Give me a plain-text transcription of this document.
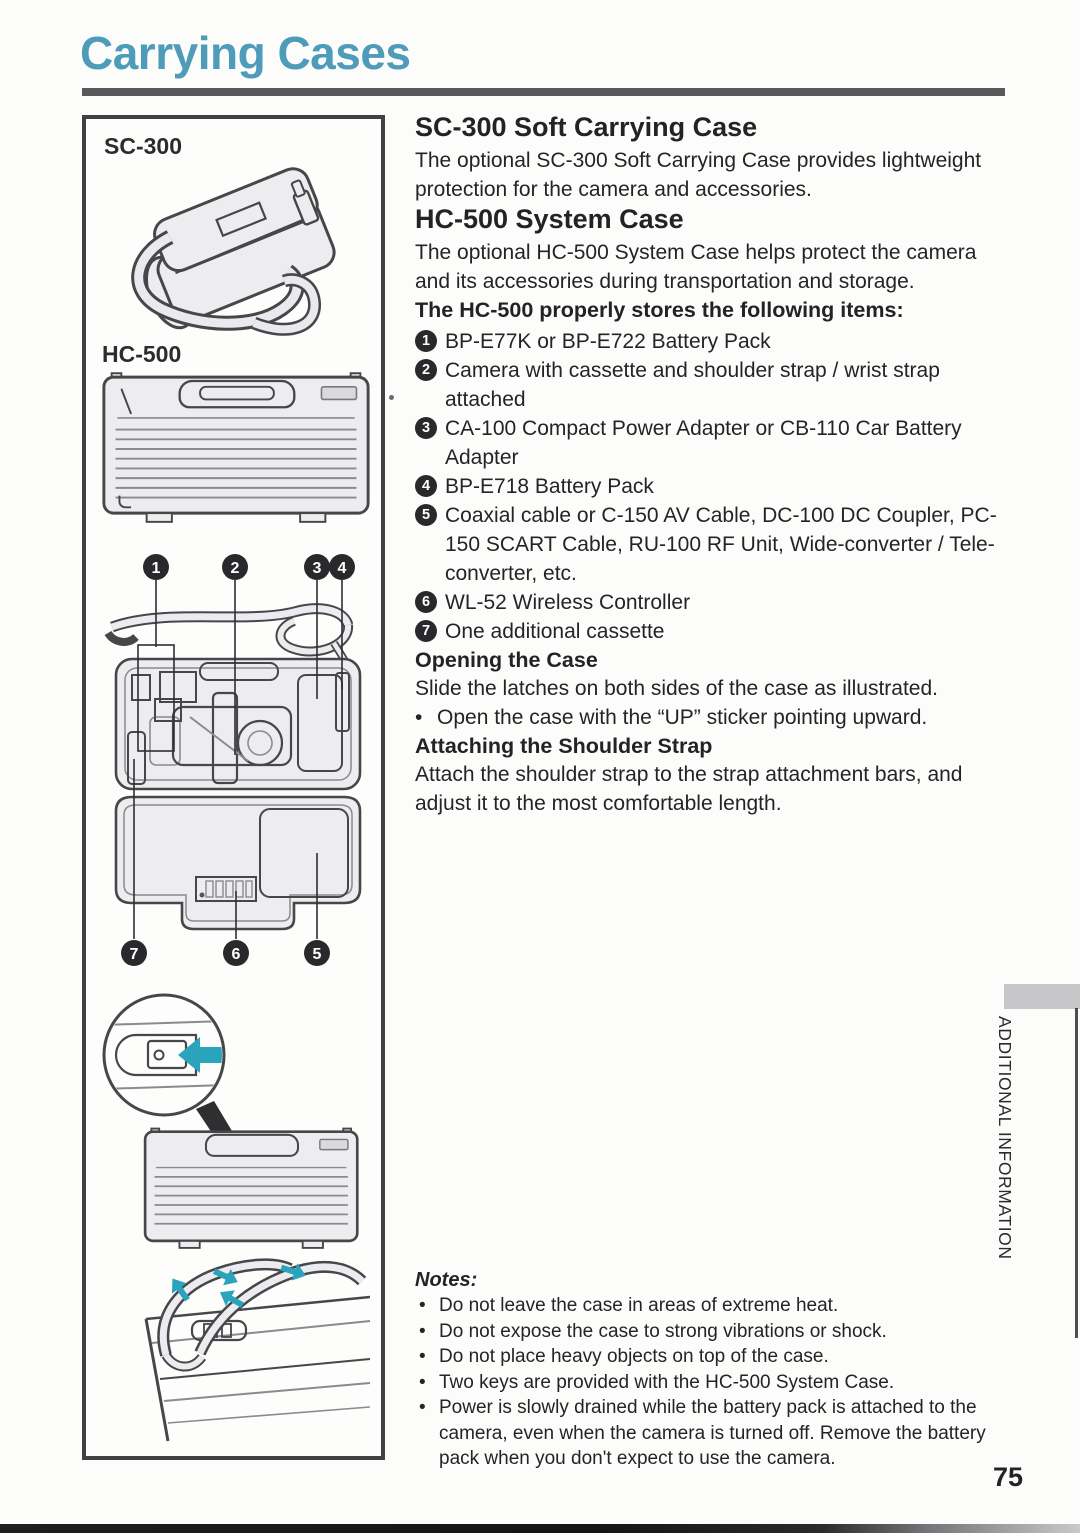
Carrying Cases
SC-300
HC-500
1	2	3 4
7	6	5
SC-300 Soft Carrying Case

The optional SC-300 Soft Carrying Case provides lightweight protection for the camera and accessories.

HC-500 System Case

The optional HC-500 System Case helps protect the camera and its accessories during transportation and storage.

The HC-500 properly stores the following items:
1 BP-E77K or BP-E722 Battery Pack
2 Camera with cassette and shoulder strap / wrist strap attached
3 CA-100 Compact Power Adapter or CB-110 Car Battery Adapter
4 BP-E718 Battery Pack
5 Coaxial cable or C-150 AV Cable, DC-100 DC Coupler, PC-150 SCART Cable, RU-100 RF Unit, Wide-converter / Tele-converter, etc.
6 WL-52 Wireless Controller
7 One additional cassette
Opening the Case

Slide the latches on both sides of the case as illustrated.

• Open the case with the “UP” sticker pointing upward.
Attaching the Shoulder Strap

Attach the shoulder strap to the strap attachment bars, and adjust it to the most comfortable length.

Notes:
• Do not leave the case in areas of extreme heat.
• Do not expose the case to strong vibrations or shock.
• Do not place heavy objects on top of the case.
• Two keys are provided with the HC-500 System Case.
• Power is slowly drained while the battery pack is attached to the camera, even when the camera is turned off. Remove the battery pack when you don't expect to use the camera.
ADDITIONAL INFORMATION
75
